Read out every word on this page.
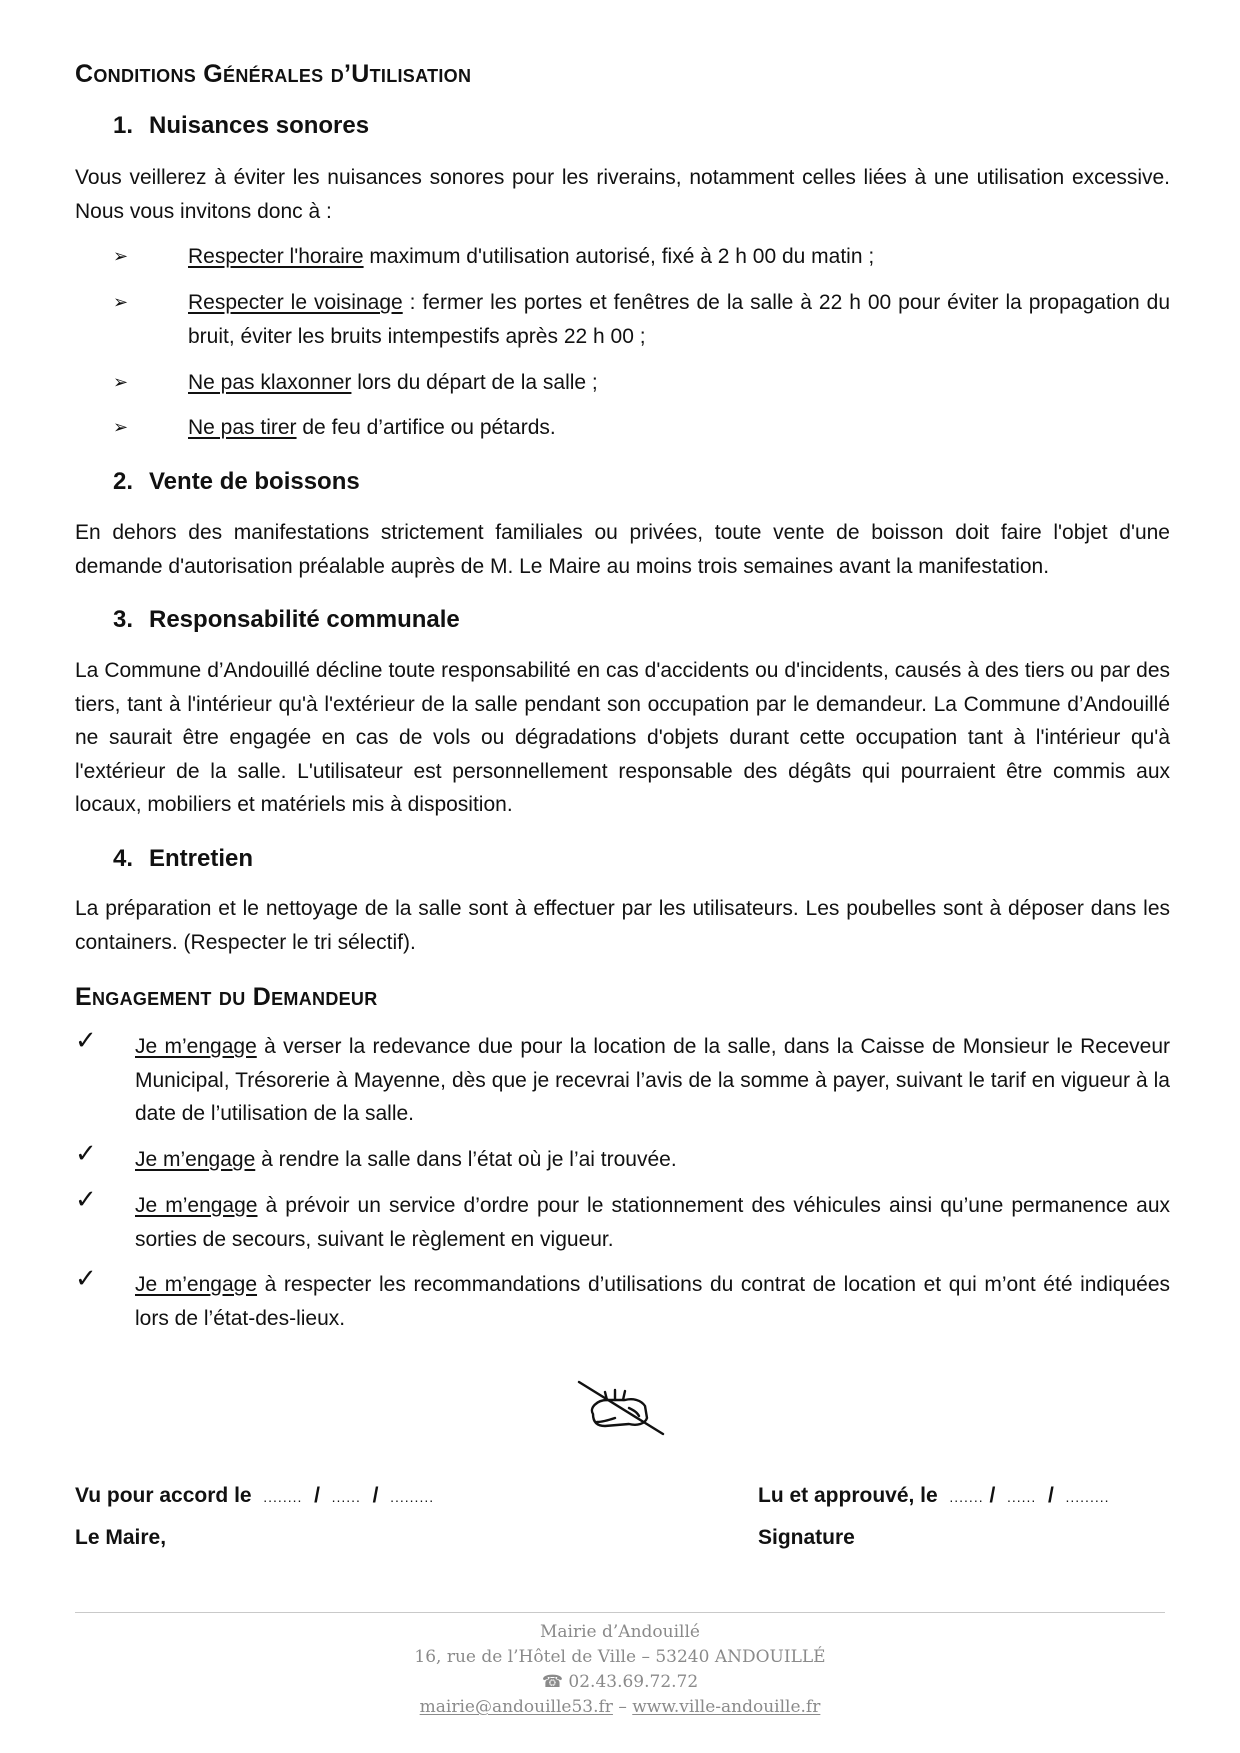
Conditions Générales d’Utilisation
1. Nuisances sonores

Vous veillerez à éviter les nuisances sonores pour les riverains, notamment celles liées à une utilisation excessive. Nous vous invitons donc à :

➢	Respecter l'horaire maximum d'utilisation autorisé, fixé à 2 h 00 du matin ;

➢	Respecter le voisinage : fermer les portes et fenêtres de la salle à 22 h 00 pour éviter la propagation du bruit, éviter les bruits intempestifs après 22 h 00 ;

➢	Ne pas klaxonner lors du départ de la salle ;

➢	Ne pas tirer de feu d’artifice ou pétards.

2. Vente de boissons

En dehors des manifestations strictement familiales ou privées, toute vente de boisson doit faire l'objet d'une demande d'autorisation préalable auprès de M. Le Maire au moins trois semaines avant la manifestation.

3. Responsabilité communale

La Commune d’Andouillé décline toute responsabilité en cas d'accidents ou d'incidents, causés à des tiers ou par des tiers, tant à l'intérieur qu'à l'extérieur de la salle pendant son occupation par le demandeur. La Commune d’Andouillé ne saurait être engagée en cas de vols ou dégradations d'objets durant cette occupation tant à l'intérieur qu'à l'extérieur de la salle. L'utilisateur est personnellement responsable des dégâts qui pourraient être commis aux locaux, mobiliers et matériels mis à disposition.

4. Entretien

La préparation et le nettoyage de la salle sont à effectuer par les utilisateurs. Les poubelles sont à déposer dans les containers. (Respecter le tri sélectif).

Engagement du Demandeur

✓ Je m’engage à verser la redevance due pour la location de la salle, dans la Caisse de Monsieur le Receveur Municipal, Trésorerie à Mayenne, dès que je recevrai l’avis de la somme à payer, suivant le tarif en vigueur à la date de l’utilisation de la salle.

✓ Je m’engage à rendre la salle dans l’état où je l’ai trouvée.

✓ Je m’engage à prévoir un service d’ordre pour le stationnement des véhicules ainsi qu’une permanence aux sorties de secours, suivant le règlement en vigueur.

✓ Je m’engage à respecter les recommandations d’utilisations du contrat de location et qui m’ont été indiquées lors de l’état-des-lieux.

Vu pour accord le ........ / ...... / .........

Le Maire,

Lu et approuvé, le ....... / ...... / .........

Signature

Mairie d’Andouillé
16, rue de l’Hôtel de Ville – 53240 ANDOUILLÉ
☎ 02.43.69.72.72
mairie@andouille53.fr – www.ville-andouille.fr
